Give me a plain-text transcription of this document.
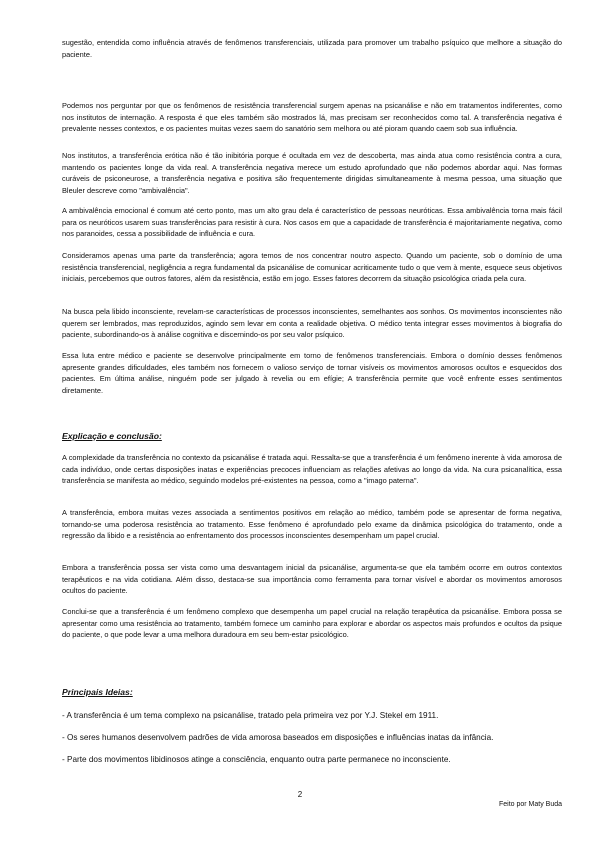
sugestão, entendida como influência através de fenômenos transferenciais, utilizada para promover um trabalho psíquico que melhore a situação do paciente.

Podemos nos perguntar por que os fenômenos de resistência transferencial surgem apenas na psicanálise e não em tratamentos indiferentes, como nos institutos de internação. A resposta é que eles também são mostrados lá, mas precisam ser reconhecidos como tal. A transferência negativa é prevalente nesses contextos, e os pacientes muitas vezes saem do sanatório sem melhora ou até pioram quando caem sob sua influência.

Nos institutos, a transferência erótica não é tão inibitória porque é ocultada em vez de descoberta, mas ainda atua como resistência contra a cura, mantendo os pacientes longe da vida real. A transferência negativa merece um estudo aprofundado que não podemos abordar aqui. Nas formas curáveis de psiconeurose, a transferência negativa e positiva são frequentemente dirigidas simultaneamente à mesma pessoa, uma situação que Bleuler descreve como "ambivalência".

A ambivalência emocional é comum até certo ponto, mas um alto grau dela é característico de pessoas neuróticas. Essa ambivalência torna mais fácil para os neuróticos usarem suas transferências para resistir à cura. Nos casos em que a capacidade de transferência é majoritariamente negativa, como nos paranoides, cessa a possibilidade de influência e cura.

Consideramos apenas uma parte da transferência; agora temos de nos concentrar noutro aspecto. Quando um paciente, sob o domínio de uma resistência transferencial, negligência a regra fundamental da psicanálise de comunicar acriticamente tudo o que vem à mente, esquece seus objetivos iniciais, percebemos que outros fatores, além da resistência, estão em jogo. Esses fatores decorrem da situação psicológica criada pela cura.

Na busca pela libido inconsciente, revelam-se características de processos inconscientes, semelhantes aos sonhos. Os movimentos inconscientes não querem ser lembrados, mas reproduzidos, agindo sem levar em conta a realidade objetiva. O médico tenta integrar esses movimentos à biografia do paciente, subordinando-os à análise cognitiva e discernindo-os por seu valor psíquico.

Essa luta entre médico e paciente se desenvolve principalmente em torno de fenômenos transferenciais. Embora o domínio desses fenômenos apresente grandes dificuldades, eles também nos fornecem o valioso serviço de tornar visíveis os movimentos amorosos ocultos e esquecidos dos pacientes. Em última análise, ninguém pode ser julgado à revelia ou em efígie; A transferência permite que você enfrente esses sentimentos diretamente.

Explicação e conclusão:

A complexidade da transferência no contexto da psicanálise é tratada aqui. Ressalta-se que a transferência é um fenômeno inerente à vida amorosa de cada indivíduo, onde certas disposições inatas e experiências precoces influenciam as relações afetivas ao longo da vida. Na cura psicanalítica, essa transferência se manifesta ao médico, seguindo modelos pré-existentes na pessoa, como a "imago paterna".

A transferência, embora muitas vezes associada a sentimentos positivos em relação ao médico, também pode se apresentar de forma negativa, tornando-se uma poderosa resistência ao tratamento. Esse fenômeno é aprofundado pelo exame da dinâmica psicológica do tratamento, onde a regressão da libido e a resistência ao enfrentamento dos processos inconscientes desempenham um papel crucial.

Embora a transferência possa ser vista como uma desvantagem inicial da psicanálise, argumenta-se que ela também ocorre em outros contextos terapêuticos e na vida cotidiana. Além disso, destaca-se sua importância como ferramenta para tornar visível e abordar os movimentos amorosos ocultos do paciente.

Conclui-se que a transferência é um fenômeno complexo que desempenha um papel crucial na relação terapêutica da psicanálise. Embora possa se apresentar como uma resistência ao tratamento, também fornece um caminho para explorar e abordar os aspectos mais profundos e ocultos da psique do paciente, o que pode levar a uma melhora duradoura em seu bem-estar psicológico.

Principais Ideias:

- A transferência é um tema complexo na psicanálise, tratado pela primeira vez por Y.J. Stekel em 1911.

- Os seres humanos desenvolvem padrões de vida amorosa baseados em disposições e influências inatas da infância.

- Parte dos movimentos libidinosos atinge a consciência, enquanto outra parte permanece no inconsciente.

2
Feito por Maty Buda
